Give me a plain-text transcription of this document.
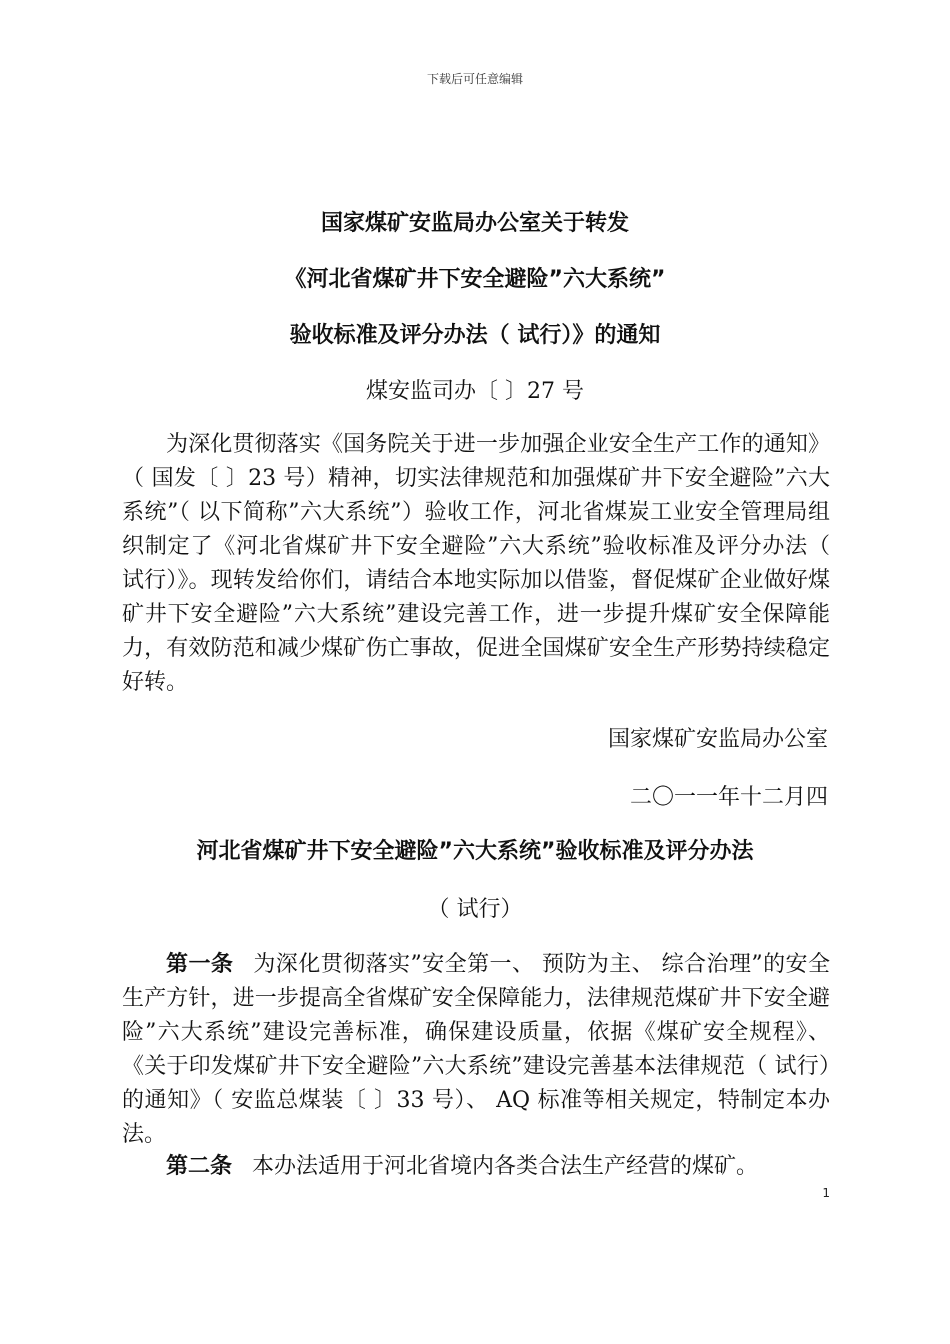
下载后可任意编辑
国家煤矿安监局办公室关于转发
《河北省煤矿井下安全避险”六大系统”
验收标准及评分办法（ 试行）》的通知
煤安监司办〔 〕27 号

为深化贯彻落实《国务院关于进一步加强企业安全生产工作的通知》（ 国发〔 〕23 号）精神，切实法律规范和加强煤矿井下安全避险”六大系统”（ 以下简称”六大系统”）验收工作，河北省煤炭工业安全管理局组织制定了《河北省煤矿井下安全避险”六大系统”验收标准及评分办法（ 试行）》。现转发给你们，请结合本地实际加以借鉴，督促煤矿企业做好煤矿井下安全避险”六大系统”建设完善工作，进一步提升煤矿安全保障能力，有效防范和减少煤矿伤亡事故，促进全国煤矿安全生产形势持续稳定好转。

国家煤矿安监局办公室
二〇一一年十二月四
河北省煤矿井下安全避险”六大系统”验收标准及评分办法
（ 试行）

第一条 为深化贯彻落实”安全第一、 预防为主、 综合治理”的安全生产方针，进一步提高全省煤矿安全保障能力，法律规范煤矿井下安全避险”六大系统”建设完善标准，确保建设质量，依据《煤矿安全规程》、 《关于印发煤矿井下安全避险”六大系统”建设完善基本法律规范（ 试行）的通知》（ 安监总煤装〔 〕33 号）、 AQ 标准等相关规定，特制定本办法。

第二条 本办法适用于河北省境内各类合法生产经营的煤矿。

1
